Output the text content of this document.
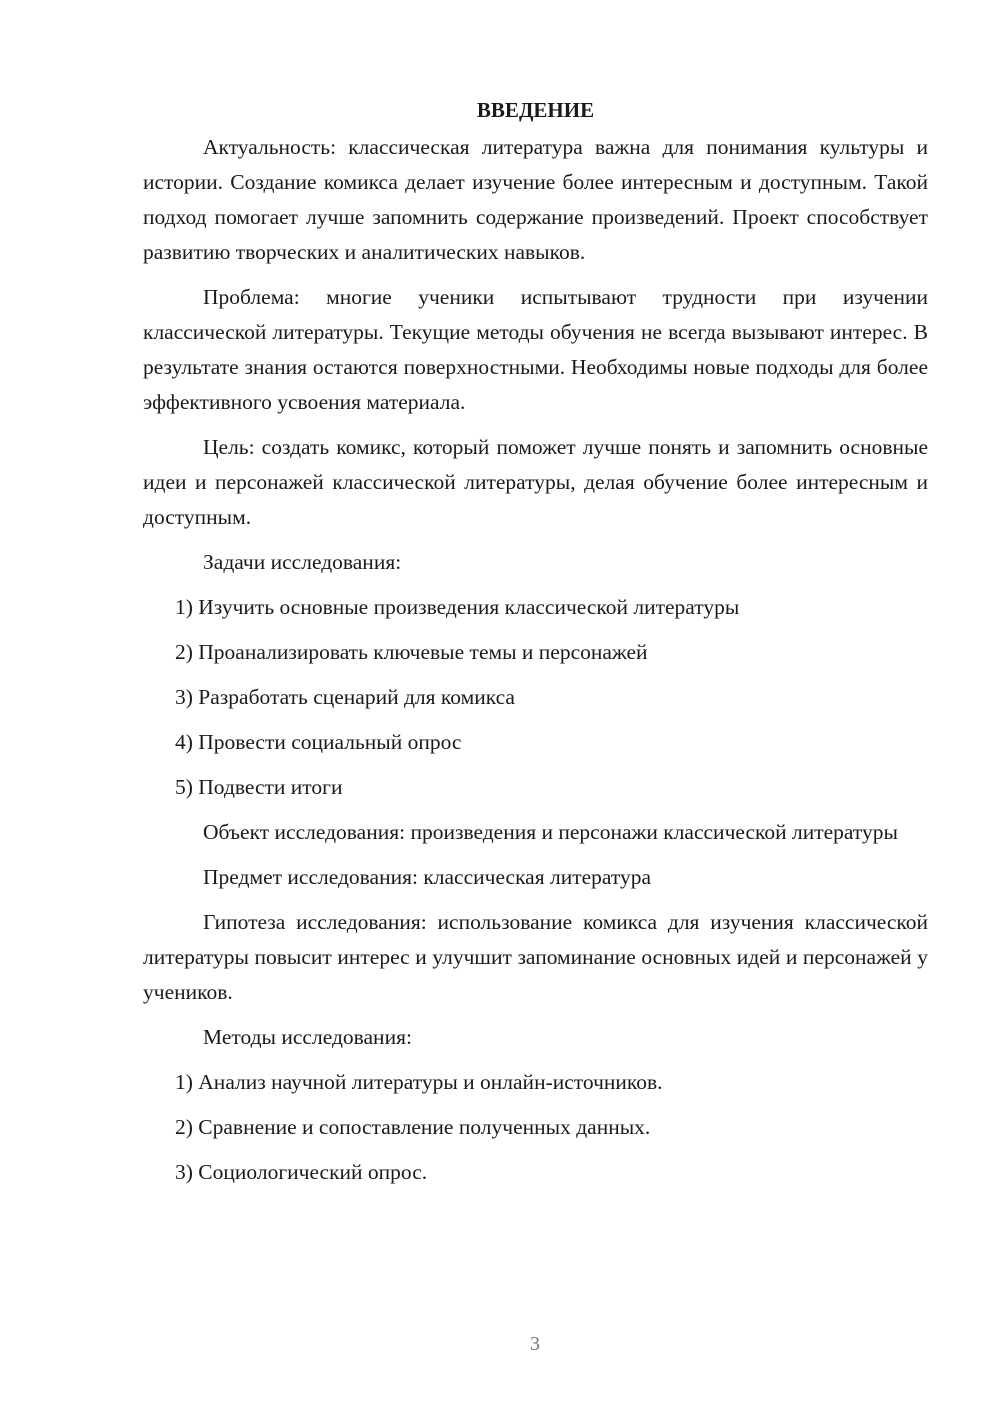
ВВЕДЕНИЕ

Актуальность: классическая литература важна для понимания культуры и истории. Создание комикса делает изучение более интересным и доступным. Такой подход помогает лучше запомнить содержание произведений. Проект способствует развитию творческих и аналитических навыков.

Проблема: многие ученики испытывают трудности при изучении классической литературы. Текущие методы обучения не всегда вызывают интерес. В результате знания остаются поверхностными. Необходимы новые подходы для более эффективного усвоения материала.

Цель: создать комикс, который поможет лучше понять и запомнить основные идеи и персонажей классической литературы, делая обучение более интересным и доступным.

Задачи исследования:

1) Изучить основные произведения классической литературы
2) Проанализировать ключевые темы и персонажей
3) Разработать сценарий для комикса
4) Провести социальный опрос
5) Подвести итоги

Объект исследования: произведения и персонажи классической литературы

Предмет исследования: классическая литература

Гипотеза исследования: использование комикса для изучения классической литературы повысит интерес и улучшит запоминание основных идей и персонажей у учеников.

Методы исследования:

1) Анализ научной литературы и онлайн-источников.
2) Сравнение и сопоставление полученных данных.
3) Социологический опрос.
3
